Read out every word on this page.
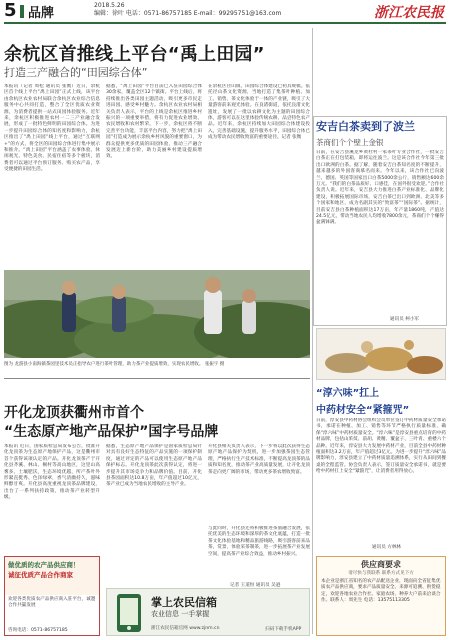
5 品牌
2018.5.26
编辑：徐叶 电话：0571-86757185 E-mail：99295751@163.com	浙江农民报
余杭区首推线上平台“禹上田园”
打造三产融合的“田园综合体”
本报讯（记者 周松 通讯员 张衡）近日，余杭区首个线上平台“禹上田园”正式上线，该平台由余杭区农业农村局联合余杭区农业综合信息服务中心共同打造，整合了全区优质农业资源，为消费者提供一站式田园体验服务。近年来，余杭区积极推进农村一二三产业融合发展，形成了一批特色鲜明的田园综合体。为进一步提升田园综合体的知名度和影响力，余杭区推出了“禹上田园”线上平台，通过“互联网+”的方式，将全区的田园综合体进行集中展示和推介。“禹上田园”平台涵盖了农事体验、休闲观光、特色美食、民宿住宿等多个板块，消费者可以通过平台预订服务、购买农产品，享受便捷的田园生活。
据悉，“禹上田园”平台目前已入驻田园综合体30余家，覆盖全区12个镇街。平台上线后，将持续推出各类田园主题活动，吸引更多市民走进田园、感受乡村魅力。余杭区农业农村局相关负责人表示，平台的上线是余杭区推进乡村振兴的一项重要举措，将有力促进农业增效、农民增收和农村繁荣。下一步，余杭区将不断完善平台功能，丰富平台内容，努力把“禹上田园”打造成为展示余杭乡村风貌的重要窗口，为群众提供更多优质的田园体验，推动三产融合发展迈上新台阶，助力美丽乡村建设提质增效。
在余杭区径山镇，田园综合体建设已初具规模。依托径山茶文化资源，当地打造了集茶叶种植、加工、销售、茶文化体验于一体的产业链，吸引了大量游客前来观光体验。在良渚街道，依托良渚文化遗址，发展了一批以农耕文化为主题的田园综合体，游客可以在这里体验传统农耕、品尝特色农产品。近年来，余杭区持续加大田园综合体建设投入，完善基础设施，提升服务水平，田园综合体已成为带动农民增收致富的重要途径。记者 张衡
图为 龙游县小南海镇茶园里技术员正指导农户进行茶叶管理，助力茶产业提质增效，实现农民增收。 张振宇 摄
安吉白茶卖到了波兰
茶商们个个壁上金银
日前，在安吉县溪龙乡黄杜村一家茶叶专业合作社，一批安吉白茶正在打包装箱，即将运往波兰。这是该合作社今年第三批出口欧洲的白茶。据了解，随着安吉白茶知名度的不断提升，越来越多的外国客商慕名而来。今年以来，该合作社已向波兰、德国、英国等国家出口白茶5000余公斤，销售额达600余万元。“我们的白茶品质好、口感佳，在国外很受欢迎。”合作社负责人说。近年来，安吉县大力推进白茶产业标准化、品牌化建设，积极拓展国际市场，安吉白茶已出口到欧洲、北美等多个国家和地区，成为名副其实的“致富茶”“国际茶”。据统计，目前安吉县白茶种植面积达17万亩，年产量1860吨，产值达24.5亿元，带动当地农民人均增收7800余元，茶商们个个赚得盆满钵满。
通讯员 柯小军
“淳六味”扛上
中药材安全“紧箍咒”
日前，淳安县中药材协会组织会员单位签订中药材质量安全承诺书，承诺在种植、加工、销售等环节严格执行质量标准，确保“淳六味”中药材质量安全。“淳六味”是淳安县重点培育的中药材品牌，包括山茱萸、前胡、黄精、覆盆子、三叶青、重楼六个品种。近年来，淳安县大力发展中药材产业，目前全县中药材种植面积达3.2万亩，年产值超过3亿元。为进一步提升“淳六味”品牌影响力，淳安县建立了中药材质量追溯体系，实行从田间到餐桌的全程监管。协会负责人表示，签订质量安全承诺书，就是要给中药材扛上安全“紧箍咒”，让消费者用得放心。
通讯员 方林林
开化龙顶获衢州市首个
“生态原产地产品保护”国字号品牌
本报讯 近日，国家质检总局发布公告，批准开化龙顶茶为生态原产地保护产品，这是衢州市首个获得该项认定的产品。开化龙顶茶产于开化县齐溪、林山、桐村等高山地区，这里山高雾多、土壤肥沃，生态环境优越，所产茶叶外形紧直挺秀、色泽绿翠，香气清幽持久，滋味鲜醇甘爽。开化县高度重视龙顶茶品牌建设，出台了一系列扶持政策，推动茶产业转型升级。
据悉，生态原产地产品保护是国家质检总局针对具有良好生态特征的产品实施的一项保护制度，通过评定的产品可以使用生态原产地产品保护标志。开化龙顶茶此次获得认定，将进一步提升其市场竞争力和品牌价值。目前，开化县茶园面积达10.8万亩，年产值超过10亿元，茶产业已成为当地农民增收的主导产业。
开化县相关负责人表示，下一步将以此次获得生态原产地产品保护为契机，进一步加强茶园生态管理，严格执行生产技术标准，不断提高龙顶茶的品质和知名度，推动茶产业高质量发展，让开化龙顶茶走向更广阔的市场，带动更多茶农增收致富。
与此同时，开化县还将积极推进茶旅融合发展，依托优美的生态环境和深厚的茶文化底蕴，打造一批茶文化体验基地和精品旅游线路，吸引游客前来品茶、赏景、体验采茶制茶，进一步拓展茶产业发展空间，提高茶产业综合效益，推动乡村振兴。
记者 王道恒 通讯员 吴逊
做优质的农产品供应商！
诚征优质产品合作商家
欢迎各类优质农产品供应商入驻平台，诚邀合作共赢发展
咨询电话：0571-86757185
掌上农民信箱
农业信息 一手掌握
浙江农民信箱官网 www.zjnm.cn	扫码下载手机APP
供应商要求
请尽快与我联系 联系方式见下方
本企业是浙江省知名的农产品配送企业，现面向全省征集优质农产品供应商，要求产品质量安全、来源可追溯、供货稳定，欢迎各地农业合作社、家庭农场、种养大户前来洽谈合作。联系人：周先生 电话：13575113305
